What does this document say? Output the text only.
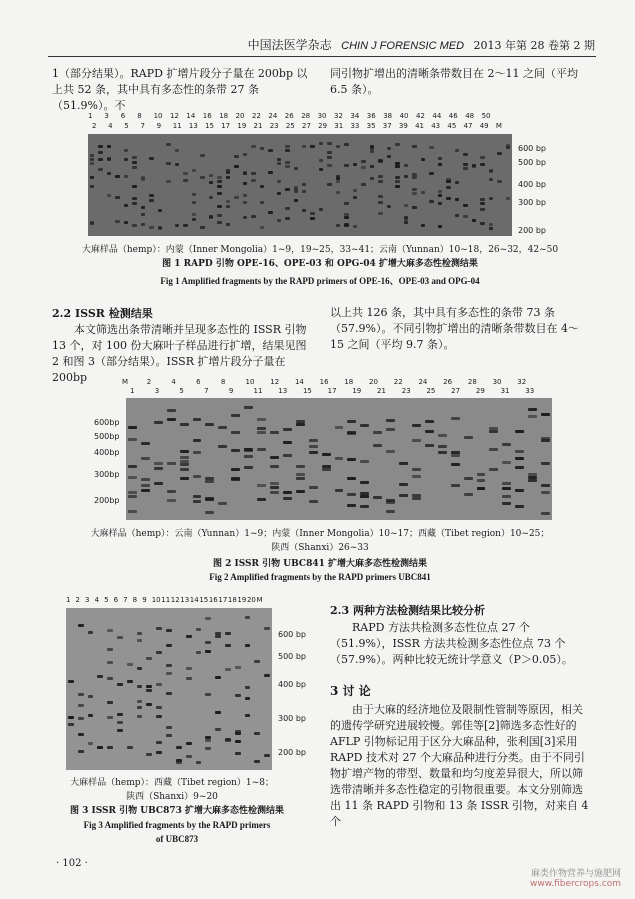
中国法医学杂志 CHIN J FORENSIC MED 2013 年第 28 卷第 2 期
1（部分结果）。RAPD 扩增片段分子量在 200bp 以上共 52 条，其中具有多态性的条带 27 条（51.9%）。不
同引物扩增出的清晰条带数目在 2～11 之间（平均 6.5 条）。
1 3 6 8 10 12 14 16 18 20 22 24 26 28 30 32 34 36 38 40 42 44 46 48 50
2 4 5 7 9 11 13 15 17 19 21 23 25 27 29 31 33 35 37 39 41 43 45 47 49 M
600 bp
500 bp
400 bp
300 bp
200 bp
大麻样品（hemp）：内蒙（Inner Mongolia）1~9，19~25，33~41；云南（Yunnan）10~18，26~32，42~50
图 1 RAPD 引物 OPE-16、OPE-03 和 OPG-04 扩增大麻多态性检测结果
Fig 1 Amplified fragments by the RAPD primers of OPE-16、OPE-03 and OPG-04
2.2 ISSR 检测结果
本文筛选出条带清晰并呈现多态性的 ISSR 引物 13 个，对 100 份大麻叶子样品进行扩增，结果见图 2 和图 3（部分结果）。ISSR 扩增片段分子量在 200bp
以上共 126 条，其中具有多态性的条带 73 条（57.9%）。不同引物扩增出的清晰条带数目在 4～15 之间（平均 9.7 条）。
M	2	4	6	8	10 12 14 16 18 20 22 24 26 28 30 32
1	3	5	7	9	11 13 15 17 19 21 23 25 27 29 31 33
600bp
500bp
400bp
300bp
200bp
大麻样品（hemp）：云南（Yunnan）1~9；内蒙（Inner Mongolia）10~17；西藏（Tibet region）10~25；
陕西（Shanxi）26~33
图 2 ISSR 引物 UBC841 扩增大麻多态性检测结果
Fig 2 Amplified fragments by the RAPD primers UBC841
1 2 3 4 5 6 7 8 9 10 11 12 13 14 15 16 17 18 19 20 M
600 bp
500 bp
400 bp
300 bp
200 bp
大麻样品（hemp）：西藏（Tibet region）1~8；
陕西（Shanxi）9~20
图 3 ISSR 引物 UBC873 扩增大麻多态性检测结果
Fig 3 Amplified fragments by the RAPD primers
of UBC873
2.3 两种方法检测结果比较分析
RAPD 方法共检测多态性位点 27 个（51.9%），ISSR 方法共检测多态性位点 73 个（57.9%）。两种比较无统计学意义（P＞0.05）。
3 讨 论
由于大麻的经济地位及限制性管制等原因，相关的遗传学研究进展较慢。郭佳等[2]筛选多态性好的 AFLP 引物标记用于区分大麻品种，张利国[3]采用 RAPD 技术对 27 个大麻品种进行分类。由于不同引物扩增产物的带型、数量和均匀度差异很大，所以筛选带清晰并多态性稳定的引物很重要。本文分别筛选出 11 条 RAPD 引物和 13 条 ISSR 引物，对来自 4 个
· 102 ·
麻类作物营养与施肥网
www.fibercrops.com
